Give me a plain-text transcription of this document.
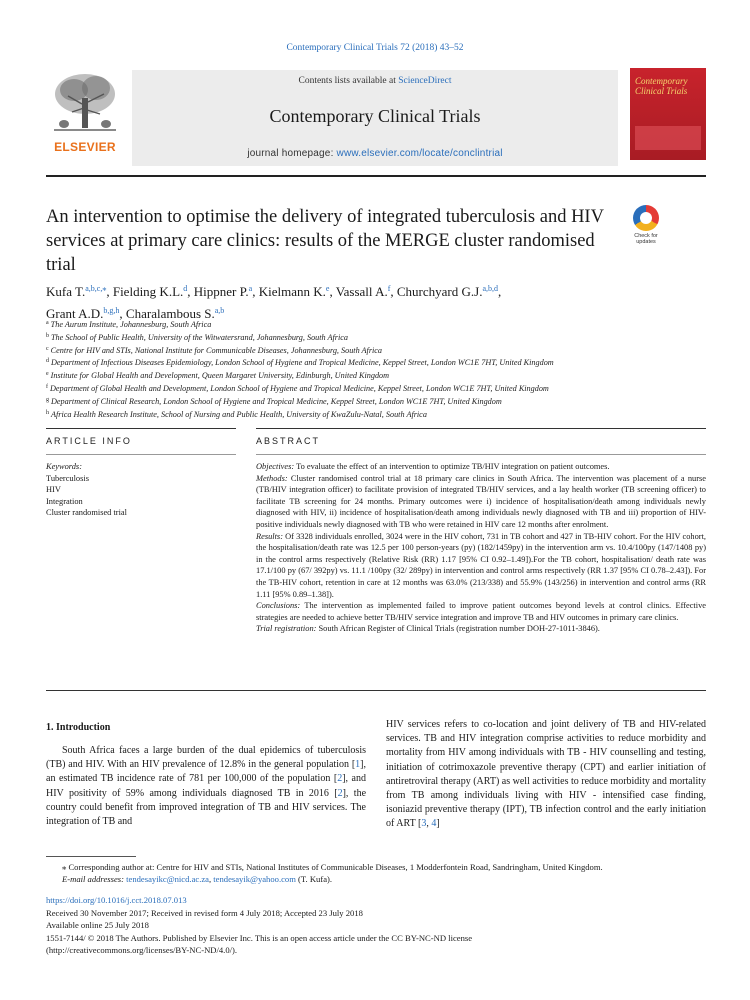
Contemporary Clinical Trials 72 (2018) 43–52
ELSEVIER
Contents lists available at ScienceDirect
Contemporary Clinical Trials
journal homepage: www.elsevier.com/locate/conclintrial
Contemporary Clinical Trials

An intervention to optimise the delivery of integrated tuberculosis and HIV services at primary care clinics: results of the MERGE cluster randomised trial
Check for updates
Kufa T.$^{a,b,c,⁎}$, Fielding K.L.$^d$, Hippner P.$^a$, Kielmann K.$^e$, Vassall A.$^f$, Churchyard G.J.$^{a,b,d}$,
Grant A.D.$^{b,g,h}$, Charalambous S.$^{a,b}$
$^a$ The Aurum Institute, Johannesburg, South Africa
$^b$ The School of Public Health, University of the Witwatersrand, Johannesburg, South Africa
$^c$ Centre for HIV and STIs, National Institute for Communicable Diseases, Johannesburg, South Africa
$^d$ Department of Infectious Diseases Epidemiology, London School of Hygiene and Tropical Medicine, Keppel Street, London WC1E 7HT, United Kingdom
$^e$ Institute for Global Health and Development, Queen Margaret University, Edinburgh, United Kingdom
$^f$ Department of Global Health and Development, London School of Hygiene and Tropical Medicine, Keppel Street, London WC1E 7HT, United Kingdom
$^g$ Department of Clinical Research, London School of Hygiene and Tropical Medicine, Keppel Street, London WC1E 7HT, United Kingdom
$^h$ Africa Health Research Institute, School of Nursing and Public Health, University of KwaZulu-Natal, South Africa
ARTICLE INFO	ABSTRACT
Keywords:
Tuberculosis
HIV
Integration
Cluster randomised trial

Objectives: To evaluate the effect of an intervention to optimize TB/HIV integration on patient outcomes.

Methods: Cluster randomised control trial at 18 primary care clinics in South Africa. The intervention was placement of a nurse (TB/HIV integration officer) to facilitate provision of integrated TB/HIV services, and a lay health worker (TB screening officer) to facilitate TB screening for 24 months. Primary outcomes were i) incidence of hospitalisation/death among individuals newly diagnosed with HIV, ii) incidence of hospitalisation/death among individuals newly diagnosed with TB and iii) proportion of HIV-positive individuals newly diagnosed with TB who were retained in HIV care 12 months after enrolment.

Results: Of 3328 individuals enrolled, 3024 were in the HIV cohort, 731 in TB cohort and 427 in TB-HIV cohort. For the HIV cohort, the hospitalisation/death rate was 12.5 per 100 person-years (py) (182/1459py) in the intervention arm vs. 10.4/100py (147/1408 py) in the control arms respectively (Relative Risk (RR) 1.17 [95% CI 0.92–1.49]).For the TB cohort, hospitalisation/ death rate was 17.1/100 py (67/ 392py) vs. 11.1 /100py (32/ 289py) in intervention and control arms respectively (RR 1.37 [95% CI 0.78–2.43]). For the TB-HIV cohort, retention in care at 12 months was 63.0% (213/338) and 55.9% (143/256) in intervention and control arms (RR 1.11 [95% 0.89–1.38]).

Conclusions: The intervention as implemented failed to improve patient outcomes beyond levels at control clinics. Effective strategies are needed to achieve better TB/HIV service integration and improve TB and HIV outcomes in primary care clinics.

Trial registration: South African Register of Clinical Trials (registration number DOH-27-1011-3846).

1. Introduction
South Africa faces a large burden of the dual epidemics of tuberculosis (TB) and HIV. With an HIV prevalence of 12.8% in the general population [1], an estimated TB incidence rate of 781 per 100,000 of the population [2], and HIV positivity of 59% among individuals diagnosed TB in 2016 [2], the country could benefit from improved integration of TB and HIV services. The integration of TB and
HIV services refers to co-location and joint delivery of TB and HIV-related services. TB and HIV integration comprise activities to reduce morbidity and mortality from HIV among individuals with TB - HIV counselling and testing, initiation of cotrimoxazole preventive therapy (CPT) and earlier initiation of antiretroviral therapy (ART) as well activities to reduce morbidity and mortality from TB among individuals living with HIV - intensified case finding, isoniazid preventive therapy (IPT), TB infection control and the early initiation of ART [3, 4]
⁎ Corresponding author at: Centre for HIV and STIs, National Institutes of Communicable Diseases, 1 Modderfontein Road, Sandringham, United Kingdom.
E-mail addresses: tendesayikc@nicd.ac.za, tendesayik@yahoo.com (T. Kufa).
https://doi.org/10.1016/j.cct.2018.07.013
Received 30 November 2017; Received in revised form 4 July 2018; Accepted 23 July 2018
Available online 25 July 2018
1551-7144/ © 2018 The Authors. Published by Elsevier Inc. This is an open access article under the CC BY-NC-ND license
(http://creativecommons.org/licenses/BY-NC-ND/4.0/).
